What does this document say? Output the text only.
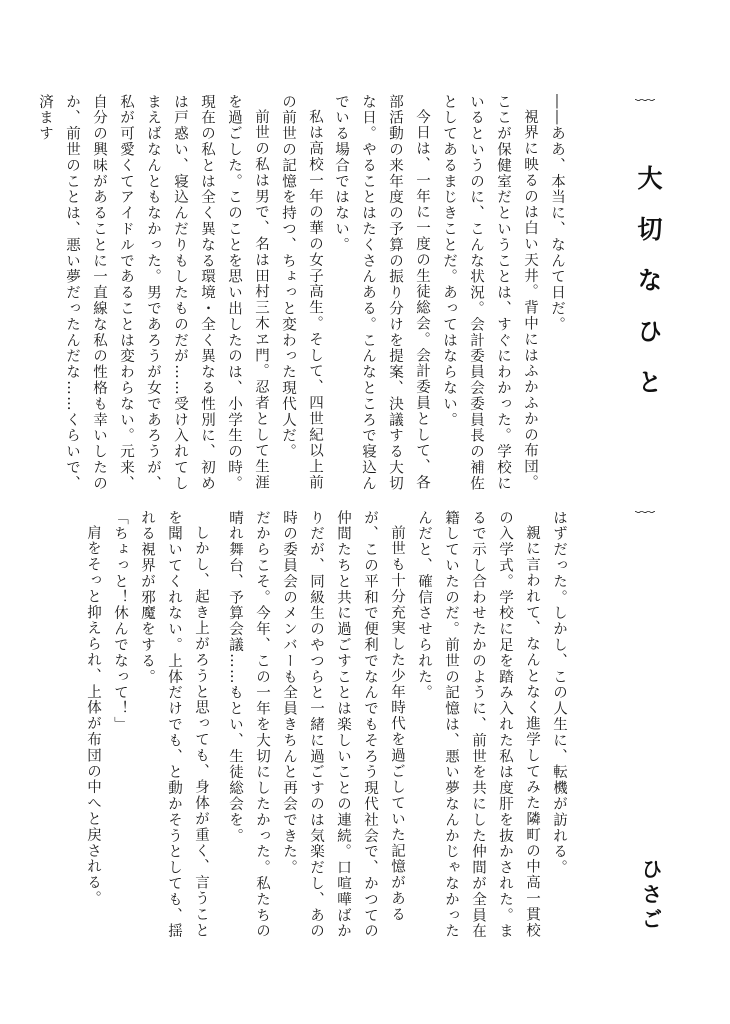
﹏
大切なひと
﹏
ひさご

――ああ、本当に、なんて日だ。

視界に映るのは白い天井。背中にはふかふかの布団。ここが保健室だということは、すぐにわかった。学校にいるというのに、こんな状況。会計委員会委員長の補佐としてあるまじきことだ。あってはならない。

今日は、一年に一度の生徒総会。会計委員として、各部活動の来年度の予算の振り分けを提案、決議する大切な日。やることはたくさんある。こんなところで寝込んでいる場合ではない。

私は高校一年の華の女子高生。そして、四世紀以上前の前世の記憶を持つ、ちょっと変わった現代人だ。

前世の私は男で、名は田村三木ヱ門。忍者として生涯を過ごした。このことを思い出したのは、小学生の時。現在の私とは全く異なる環境・全く異なる性別に、初めは戸惑い、寝込んだりもしたものだが……受け入れてしまえばなんともなかった。男であろうが女であろうが、私が可愛くてアイドルであることは変わらない。元来、自分の興味があることに一直線な私の性格も幸いしたのか、前世のことは、悪い夢だったんだな……くらいで、済ます

はずだった。しかし、この人生に、転機が訪れる。

親に言われて、なんとなく進学してみた隣町の中高一貫校の入学式。学校に足を踏み入れた私は度肝を抜かされた。まるで示し合わせたかのように、前世を共にした仲間が全員在籍していたのだ。前世の記憶は、悪い夢なんかじゃなかったんだと、確信させられた。

前世も十分充実した少年時代を過ごしていた記憶があるが、この平和で便利でなんでもそろう現代社会で、かつての仲間たちと共に過ごすことは楽しいことの連続。口喧嘩ばかりだが、同級生のやつらと一緒に過ごすのは気楽だし、あの時の委員会のメンバーも全員きちんと再会できた。

だからこそ。今年、この一年を大切にしたかった。私たちの晴れ舞台、予算会議……もとい、生徒総会を。

しかし、起き上がろうと思っても、身体が重く、言うことを聞いてくれない。上体だけでも、と動かそうとしても、揺れる視界が邪魔をする。

「ちょっと！休んでなって！」

肩をそっと抑えられ、上体が布団の中へと戻される。
